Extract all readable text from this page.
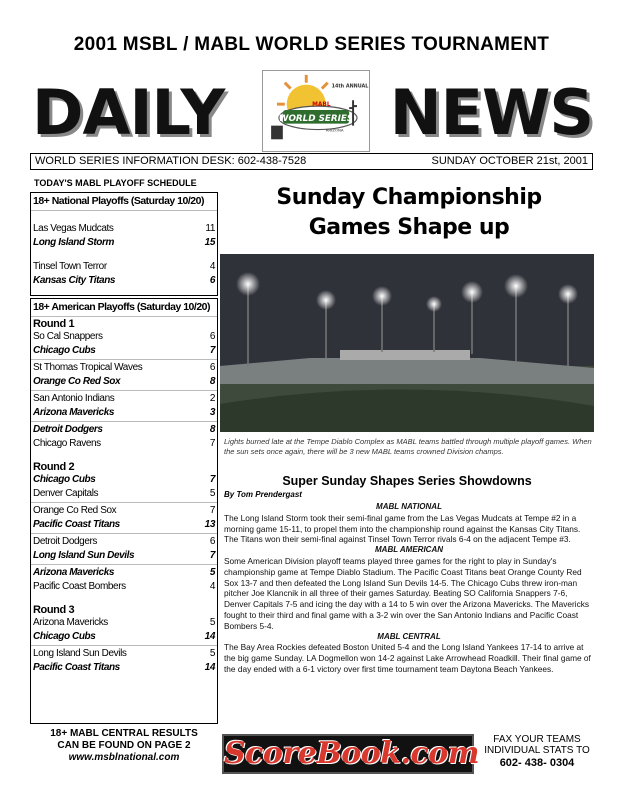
2001 MSBL / MABL WORLD SERIES TOURNAMENT
DAILY	WORLD SERIES
14th ANNUAL
MABL
ARIZONA NEWS
WORLD SERIES INFORMATION DESK: 602-438-7528	SUNDAY OCTOBER 21st, 2001
TODAY'S MABL PLAYOFF SCHEDULE
18+ National Playoffs (Saturday 10/20)
Las Vegas Mudcats	11
Long Island Storm	15
Tinsel Town Terror	4
Kansas City Titans	6
18+ American Playoffs (Saturday 10/20)
Round 1
So Cal Snappers	6
Chicago Cubs	7
St Thomas Tropical Waves	6
Orange Co Red Sox	8
San Antonio Indians	2
Arizona Mavericks	3
Detroit Dodgers	8
Chicago Ravens	7
Round 2
Chicago Cubs	7
Denver Capitals	5
Orange Co Red Sox	7
Pacific Coast Titans	13
Detroit Dodgers	6
Long Island Sun Devils	7
Arizona Mavericks	5
Pacific Coast Bombers	4
Round 3
Arizona Mavericks	5
Chicago Cubs	14
Long Island Sun Devils	5
Pacific Coast Titans	14
18+ MABL CENTRAL RESULTS
CAN BE FOUND ON PAGE 2
www.msblnational.com
Sunday Championship
Games Shape up
Lights burned late at the Tempe Diablo Complex as MABL teams battled through multiple playoff games. When the sun sets once again, there will be 3 new MABL teams crowned Division champs.
Super Sunday Shapes Series Showdowns
By Tom Prendergast
MABL NATIONAL

The Long Island Storm took their semi-final game from the Las Vegas Mudcats at Tempe #2 in a morning game 15-11, to propel them into the championship round against the Kansas City Titans. The Titans won their semi-final against Tinsel Town Terror rivals 6-4 on the adjacent Tempe #3.

MABL AMERICAN

Some American Division playoff teams played three games for the right to play in Sunday's championship game at Tempe Diablo Stadium. The Pacific Coast Titans beat Orange County Red Sox 13-7 and then defeated the Long Island Sun Devils 14-5. The Chicago Cubs threw iron-man pitcher Joe Klancnik in all three of their games Saturday. Beating SO California Snappers 7-6, Denver Capitals 7-5 and icing the day with a 14 to 5 win over the Arizona Mavericks. The Mavericks fought to their third and final game with a 3-2 win over the San Antonio Indians and Pacific Coast Bombers 5-4.

MABL CENTRAL

The Bay Area Rockies defeated Boston United 5-4 and the Long Island Yankees 17-14 to arrive at the big game Sunday. LA Dogmellon won 14-2 against Lake Arrowhead Roadkill. Their final game of the day ended with a 6-1 victory over first time tournament team Daytona Beach Yankees.

ScoreBook.com	FAX YOUR TEAMS
INDIVIDUAL STATS TO
602- 438- 0304
